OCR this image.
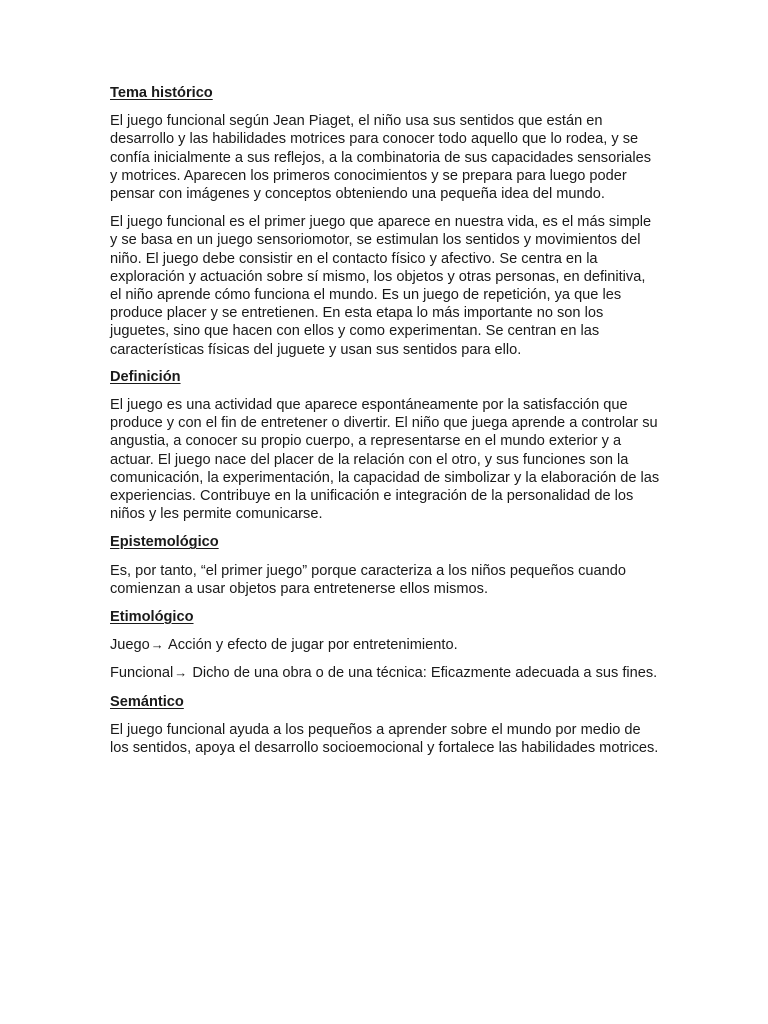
Tema histórico

El juego funcional según Jean Piaget, el niño usa sus sentidos que están en desarrollo y las habilidades motrices para conocer todo aquello que lo rodea, y se confía inicialmente a sus reflejos, a la combinatoria de sus capacidades sensoriales y motrices. Aparecen los primeros conocimientos y se prepara para luego poder pensar con imágenes y conceptos obteniendo una pequeña idea del mundo.

El juego funcional es el primer juego que aparece en nuestra vida, es el más simple y se basa en un juego sensoriomotor, se estimulan los sentidos y movimientos del niño. El juego debe consistir en el contacto físico y afectivo. Se centra en la exploración y actuación sobre sí mismo, los objetos y otras personas, en definitiva, el niño aprende cómo funciona el mundo. Es un juego de repetición, ya que les produce placer y se entretienen. En esta etapa lo más importante no son los juguetes, sino que hacen con ellos y como experimentan. Se centran en las características físicas del juguete y usan sus sentidos para ello.

Definición

El juego es una actividad que aparece espontáneamente por la satisfacción que produce y con el fin de entretener o divertir. El niño que juega aprende a controlar su angustia, a conocer su propio cuerpo, a representarse en el mundo exterior y a actuar. El juego nace del placer de la relación con el otro, y sus funciones son la comunicación, la experimentación, la capacidad de simbolizar y la elaboración de las experiencias. Contribuye en la unificación e integración de la personalidad de los niños y les permite comunicarse.

Epistemológico

Es, por tanto, “el primer juego” porque caracteriza a los niños pequeños cuando comienzan a usar objetos para entretenerse ellos mismos.

Etimológico

Juego→ Acción y efecto de jugar por entretenimiento.

Funcional→ Dicho de una obra o de una técnica: Eficazmente adecuada a sus fines.

Semántico

El juego funcional ayuda a los pequeños a aprender sobre el mundo por medio de los sentidos, apoya el desarrollo socioemocional y fortalece las habilidades motrices.
